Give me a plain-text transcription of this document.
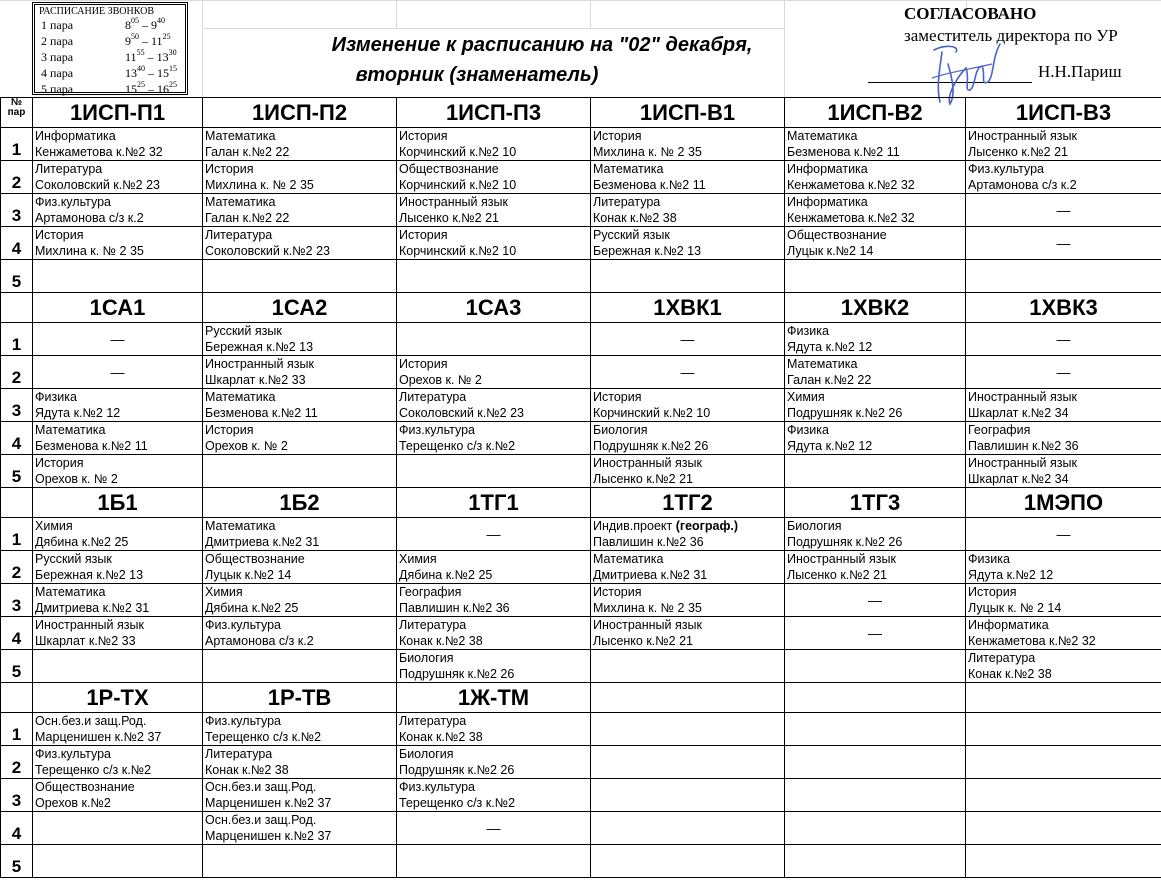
РАСПИСАНИЕ ЗВОНКОВ
1 пара	$8^{05} - 9^{40}$
2 пара	$9^{50} - 11^{25}$
3 пара	$11^{55} - 13^{30}$
4 пара	$13^{40} - 15^{15}$
5 пара	$15^{25} - 16^{25}$
Изменение к расписанию на "02" декабря,
вторник (знаменатель)
СОГЛАСОВАНО
заместитель директора по УР
Н.Н.Париш
№
пар	1ИСП-П1	1ИСП-П2	1ИСП-П3	1ИСП-В1	1ИСП-В2	1ИСП-В3
1	Информатика
Кенжаметова к.№2 32	Математика
Галан к.№2 22	История
Корчинский к.№2 10	История
Михлина к. № 2 35	Математика
Безменова к.№2 11	Иностранный язык
Лысенко к.№2 21

2	Литература
Соколовский к.№2 23	История
Михлина к. № 2 35	Обществознание
Корчинский к.№2 10	Математика
Безменова к.№2 11	Информатика
Кенжаметова к.№2 32	Физ.культура
Артамонова с/з к.2

3	Физ.культура
Артамонова с/з к.2	Математика
Галан к.№2 22	Иностранный язык
Лысенко к.№2 21	Литература
Конак к.№2 38	Информатика
Кенжаметова к.№2 32	—
4	История
Михлина к. № 2 35	Литература
Соколовский к.№2 23	История
Корчинский к.№2 10	Русский язык
Бережная к.№2 13	Обществознание
Луцык к.№2 14	—
5						
	1СА1	1СА2	1СА3	1ХВК1	1ХВК2	1ХВК3
1	—	Русский язык
Бережная к.№2 13		—	Физика
Ядута к.№2 12	—
2	—	Иностранный язык
Шкарлат к.№2 33	История
Орехов к. № 2	—	Математика
Галан к.№2 22	—
3	Физика
Ядута к.№2 12	Математика
Безменова к.№2 11	Литература
Соколовский к.№2 23	История
Корчинский к.№2 10	Химия
Подрушняк к.№2 26	Иностранный язык
Шкарлат к.№2 34

4	Математика
Безменова к.№2 11	История
Орехов к. № 2	Физ.культура
Терещенко с/з к.№2	Биология
Подрушняк к.№2 26	Физика
Ядута к.№2 12	География
Павлишин к.№2 36

5	История
Орехов к. № 2			Иностранный язык
Лысенко к.№2 21		Иностранный язык
Шкарлат к.№2 34

	1Б1	1Б2	1ТГ1	1ТГ2	1ТГ3	1МЭПО
1	Химия
Дябина к.№2 25	Математика
Дмитриева к.№2 31	—	Индив.проект (географ.)
Павлишин к.№2 36	Биология
Подрушняк к.№2 26	—
2	Русский язык
Бережная к.№2 13	Обществознание
Луцык к.№2 14	Химия
Дябина к.№2 25	Математика
Дмитриева к.№2 31	Иностранный язык
Лысенко к.№2 21	Физика
Ядута к.№2 12

3	Математика
Дмитриева к.№2 31	Химия
Дябина к.№2 25	География
Павлишин к.№2 36	История
Михлина к. № 2 35	—	История
Луцык к. № 2 14

4	Иностранный язык
Шкарлат к.№2 33	Физ.культура
Артамонова с/з к.2	Литература
Конак к.№2 38	Иностранный язык
Лысенко к.№2 21	—	Информатика
Кенжаметова к.№2 32

5			Биология
Подрушняк к.№2 26			Литература
Конак к.№2 38

	1Р-ТХ	1Р-ТВ	1Ж-ТМ			
1	Осн.без.и защ.Род.
Марценишен к.№2 37	Физ.культура
Терещенко с/з к.№2	Литература
Конак к.№2 38			

2	Физ.культура
Терещенко с/з к.№2	Литература
Конак к.№2 38	Биология
Подрушняк к.№2 26			

3	Обществознание
Орехов к.№2	Осн.без.и защ.Род.
Марценишен к.№2 37	Физ.культура
Терещенко с/з к.№2			

4		Осн.без.и защ.Род.
Марценишен к.№2 37	—			
5						
